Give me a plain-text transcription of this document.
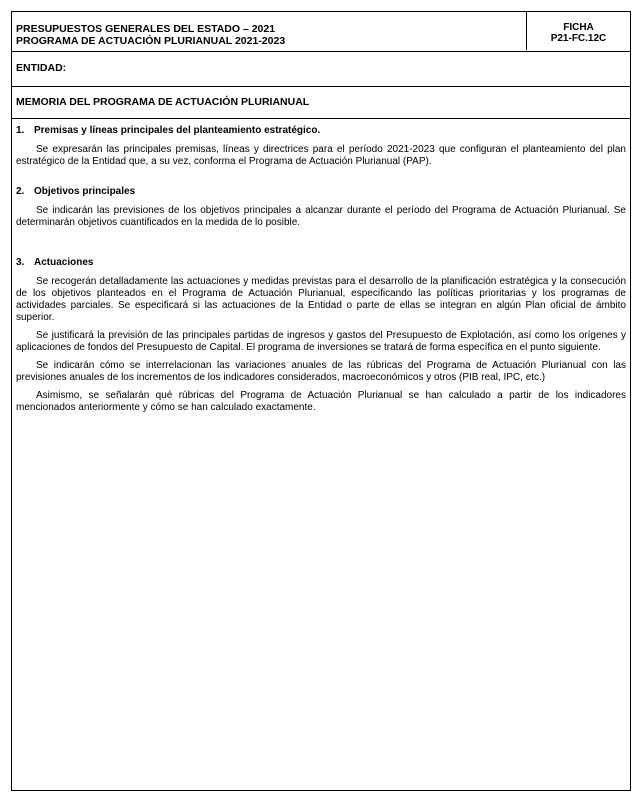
PRESUPUESTOS GENERALES DEL ESTADO – 2021
PROGRAMA DE ACTUACIÓN PLURIANUAL 2021-2023
FICHA
P21-FC.12C
ENTIDAD:
MEMORIA DEL PROGRAMA DE ACTUACIÓN PLURIANUAL
1. Premisas y líneas principales del planteamiento estratégico.

Se expresarán las principales premisas, líneas y directrices para el período 2021-2023 que configuran el planteamiento del plan estratégico de la Entidad que, a su vez, conforma el Programa de Actuación Plurianual (PAP).

2. Objetivos principales

Se indicarán las previsiones de los objetivos principales a alcanzar durante el período del Programa de Actuación Plurianual. Se determinarán objetivos cuantificados en la medida de lo posible.

3. Actuaciones

Se recogerán detalladamente las actuaciones y medidas previstas para el desarrollo de la planificación estratégica y la consecución de los objetivos planteados en el Programa de Actuación Plurianual, especificando las políticas prioritarias y los programas de actividades parciales. Se especificará si las actuaciones de la Entidad o parte de ellas se integran en algún Plan oficial de ámbito superior.

Se justificará la previsión de las principales partidas de ingresos y gastos del Presupuesto de Explotación, así como los orígenes y aplicaciones de fondos del Presupuesto de Capital. El programa de inversiones se tratará de forma específica en el punto siguiente.

Se indicarán cómo se interrelacionan las variaciones anuales de las rúbricas del Programa de Actuación Plurianual con las previsiones anuales de los incrementos de los indicadores considerados, macroeconómicos y otros (PIB real, IPC, etc.)

Asimismo, se señalarán qué rúbricas del Programa de Actuación Plurianual se han calculado a partir de los indicadores mencionados anteriormente y cómo se han calculado exactamente.
